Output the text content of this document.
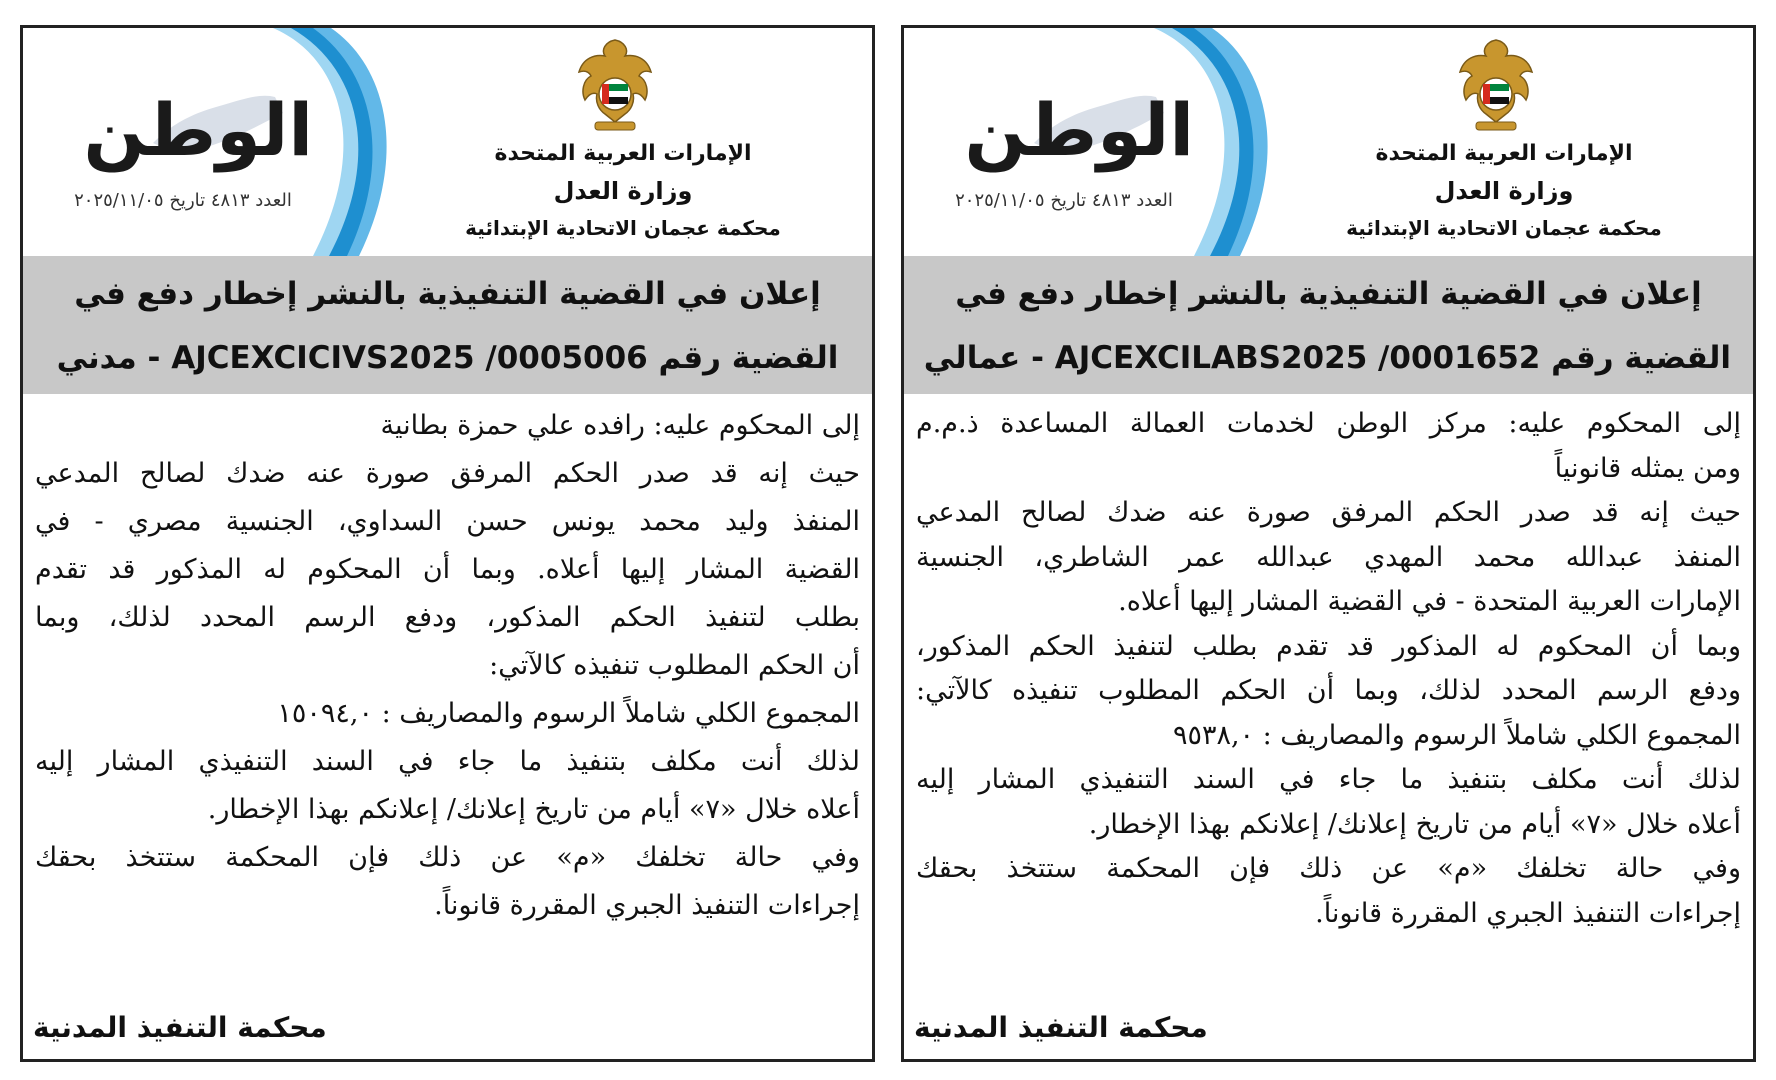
الإمارات العربية المتحدة
وزارة العدل
محكمة عجمان الاتحادية الإبتدائية
الوطن
العدد ٤٨١٣ تاريخ ٢٠٢٥/١١/٠٥
إعلان في القضية التنفيذية بالنشر إخطار دفع في
القضية رقم AJCEXCICIVS2025 /0005006 - مدني
إلى المحكوم عليه: رافده علي حمزة بطانية
حيث إنه قد صدر الحكم المرفق صورة عنه ضدك لصالح المدعي
المنفذ وليد محمد يونس حسن السداوي، الجنسية مصري - في
القضية المشار إليها أعلاه. وبما أن المحكوم له المذكور قد تقدم
بطلب لتنفيذ الحكم المذكور، ودفع الرسم المحدد لذلك، وبما
أن الحكم المطلوب تنفيذه كالآتي:
المجموع الكلي شاملاً الرسوم والمصاريف : ١٥٠٩٤,٠
لذلك أنت مكلف بتنفيذ ما جاء في السند التنفيذي المشار إليه
أعلاه خلال «٧» أيام من تاريخ إعلانك/ إعلانكم بهذا الإخطار.
وفي حالة تخلفك «م» عن ذلك فإن المحكمة ستتخذ بحقك
إجراءات التنفيذ الجبري المقررة قانوناً.
محكمة التنفيذ المدنية
الإمارات العربية المتحدة
وزارة العدل
محكمة عجمان الاتحادية الإبتدائية
الوطن
العدد ٤٨١٣ تاريخ ٢٠٢٥/١١/٠٥
إعلان في القضية التنفيذية بالنشر إخطار دفع في
القضية رقم AJCEXCILABS2025 /0001652 - عمالي
إلى المحكوم عليه: مركز الوطن لخدمات العمالة المساعدة ذ.م.م
ومن يمثله قانونياً
حيث إنه قد صدر الحكم المرفق صورة عنه ضدك لصالح المدعي
المنفذ عبدالله محمد المهدي عبدالله عمر الشاطري، الجنسية
الإمارات العربية المتحدة - في القضية المشار إليها أعلاه.
وبما أن المحكوم له المذكور قد تقدم بطلب لتنفيذ الحكم المذكور،
ودفع الرسم المحدد لذلك، وبما أن الحكم المطلوب تنفيذه كالآتي:
المجموع الكلي شاملاً الرسوم والمصاريف : ٩٥٣٨,٠
لذلك أنت مكلف بتنفيذ ما جاء في السند التنفيذي المشار إليه
أعلاه خلال «٧» أيام من تاريخ إعلانك/ إعلانكم بهذا الإخطار.
وفي حالة تخلفك «م» عن ذلك فإن المحكمة ستتخذ بحقك
إجراءات التنفيذ الجبري المقررة قانوناً.
محكمة التنفيذ المدنية
